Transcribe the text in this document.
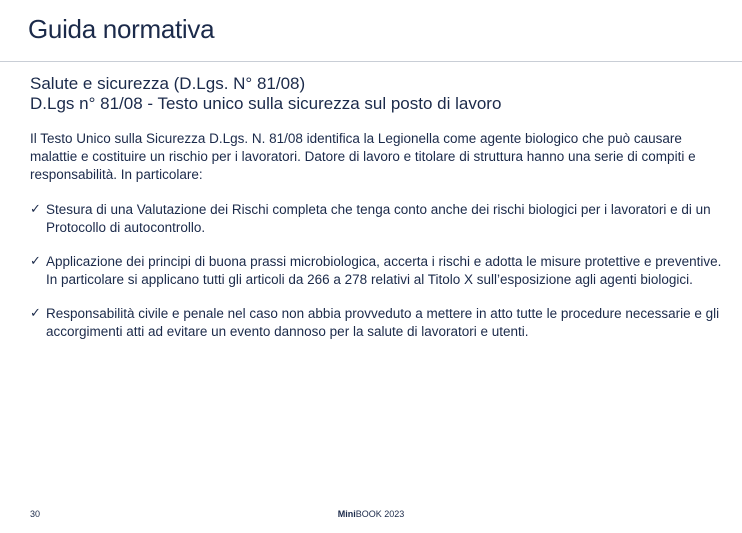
Guida normativa

Salute e sicurezza (D.Lgs. N° 81/08)

D.Lgs n° 81/08 - Testo unico sulla sicurezza sul posto di lavoro

Il Testo Unico sulla Sicurezza D.Lgs. N. 81/08 identifica la Legionella come agente biologico che può causare malattie e costituire un rischio per i lavoratori. Datore di lavoro e titolare di struttura hanno una serie di compiti e responsabilità. In particolare:

✓ Stesura di una Valutazione dei Rischi completa che tenga conto anche dei rischi biologici per i lavoratori e di un Protocollo di autocontrollo.
✓ Applicazione dei principi di buona prassi microbiologica, accerta i rischi e adotta le misure protettive e preventive. In particolare si applicano tutti gli articoli da 266 a 278 relativi al Titolo X sull’esposizione agli agenti biologici.
✓ Responsabilità civile e penale nel caso non abbia provveduto a mettere in atto tutte le procedure necessarie e gli accorgimenti atti ad evitare un evento dannoso per la salute di lavoratori e utenti.
30	MiniBOOK 2023
